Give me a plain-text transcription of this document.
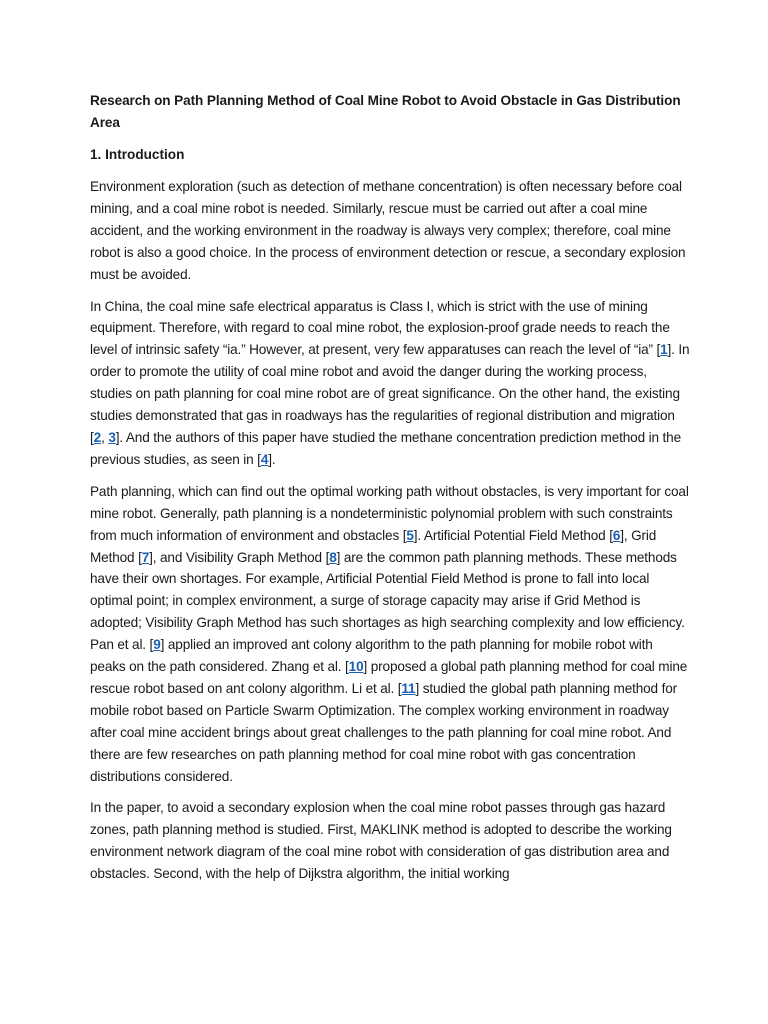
Research on Path Planning Method of Coal Mine Robot to Avoid Obstacle in Gas Distribution Area
1. Introduction

Environment exploration (such as detection of methane concentration) is often necessary before coal mining, and a coal mine robot is needed. Similarly, rescue must be carried out after a coal mine accident, and the working environment in the roadway is always very complex; therefore, coal mine robot is also a good choice. In the process of environment detection or rescue, a secondary explosion must be avoided.

In China, the coal mine safe electrical apparatus is Class I, which is strict with the use of mining equipment. Therefore, with regard to coal mine robot, the explosion-proof grade needs to reach the level of intrinsic safety “ia.” However, at present, very few apparatuses can reach the level of “ia” [1]. In order to promote the utility of coal mine robot and avoid the danger during the working process, studies on path planning for coal mine robot are of great significance. On the other hand, the existing studies demonstrated that gas in roadways has the regularities of regional distribution and migration [2, 3]. And the authors of this paper have studied the methane concentration prediction method in the previous studies, as seen in [4].

Path planning, which can find out the optimal working path without obstacles, is very important for coal mine robot. Generally, path planning is a nondeterministic polynomial problem with such constraints from much information of environment and obstacles [5]. Artificial Potential Field Method [6], Grid Method [7], and Visibility Graph Method [8] are the common path planning methods. These methods have their own shortages. For example, Artificial Potential Field Method is prone to fall into local optimal point; in complex environment, a surge of storage capacity may arise if Grid Method is adopted; Visibility Graph Method has such shortages as high searching complexity and low efficiency. Pan et al. [9] applied an improved ant colony algorithm to the path planning for mobile robot with peaks on the path considered. Zhang et al. [10] proposed a global path planning method for coal mine rescue robot based on ant colony algorithm. Li et al. [11] studied the global path planning method for mobile robot based on Particle Swarm Optimization. The complex working environment in roadway after coal mine accident brings about great challenges to the path planning for coal mine robot. And there are few researches on path planning method for coal mine robot with gas concentration distributions considered.

In the paper, to avoid a secondary explosion when the coal mine robot passes through gas hazard zones, path planning method is studied. First, MAKLINK method is adopted to describe the working environment network diagram of the coal mine robot with consideration of gas distribution area and obstacles. Second, with the help of Dijkstra algorithm, the initial working
